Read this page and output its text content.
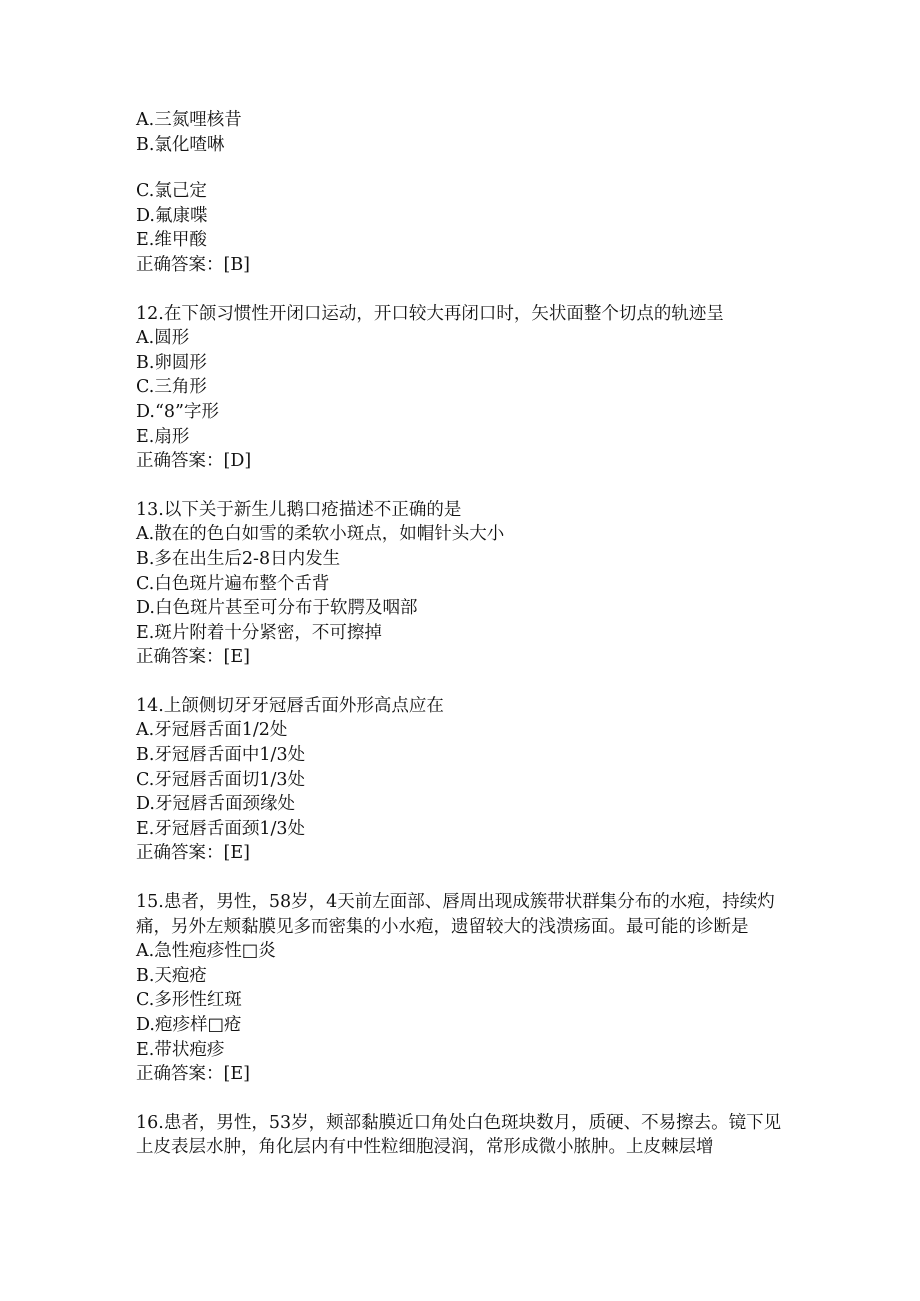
A.三氮哩核昔
B.氯化喳啉
C.氯己定
D.氟康喋
E.维甲酸
正确答案：[B]
12.在下颌习惯性开闭口运动，开口较大再闭口时，矢状面整个切点的轨迹呈
A.圆形
B.卵圆形
C.三角形
D.“8”字形
E.扇形
正确答案：[D]
13.以下关于新生儿鹅口疮描述不正确的是
A.散在的色白如雪的柔软小斑点，如帽针头大小
B.多在出生后2-8日内发生
C.白色斑片遍布整个舌背
D.白色斑片甚至可分布于软腭及咽部
E.斑片附着十分紧密，不可擦掉
正确答案：[E]
14.上颌侧切牙牙冠唇舌面外形高点应在
A.牙冠唇舌面1/2处
B.牙冠唇舌面中1/3处
C.牙冠唇舌面切1/3处
D.牙冠唇舌面颈缘处
E.牙冠唇舌面颈1/3处
正确答案：[E]
15.患者，男性，58岁，4天前左面部、唇周出现成簇带状群集分布的水疱，持续灼痛，另外左颊黏膜见多而密集的小水疱，遗留较大的浅溃疡面。最可能的诊断是
A.急性疱疹性□炎
B.天疱疮
C.多形性红斑
D.疱疹样□疮
E.带状疱疹
正确答案：[E]
16.患者，男性，53岁，颊部黏膜近口角处白色斑块数月，质硬、不易擦去。镜下见上皮表层水肿，角化层内有中性粒细胞浸润，常形成微小脓肿。上皮棘层增
